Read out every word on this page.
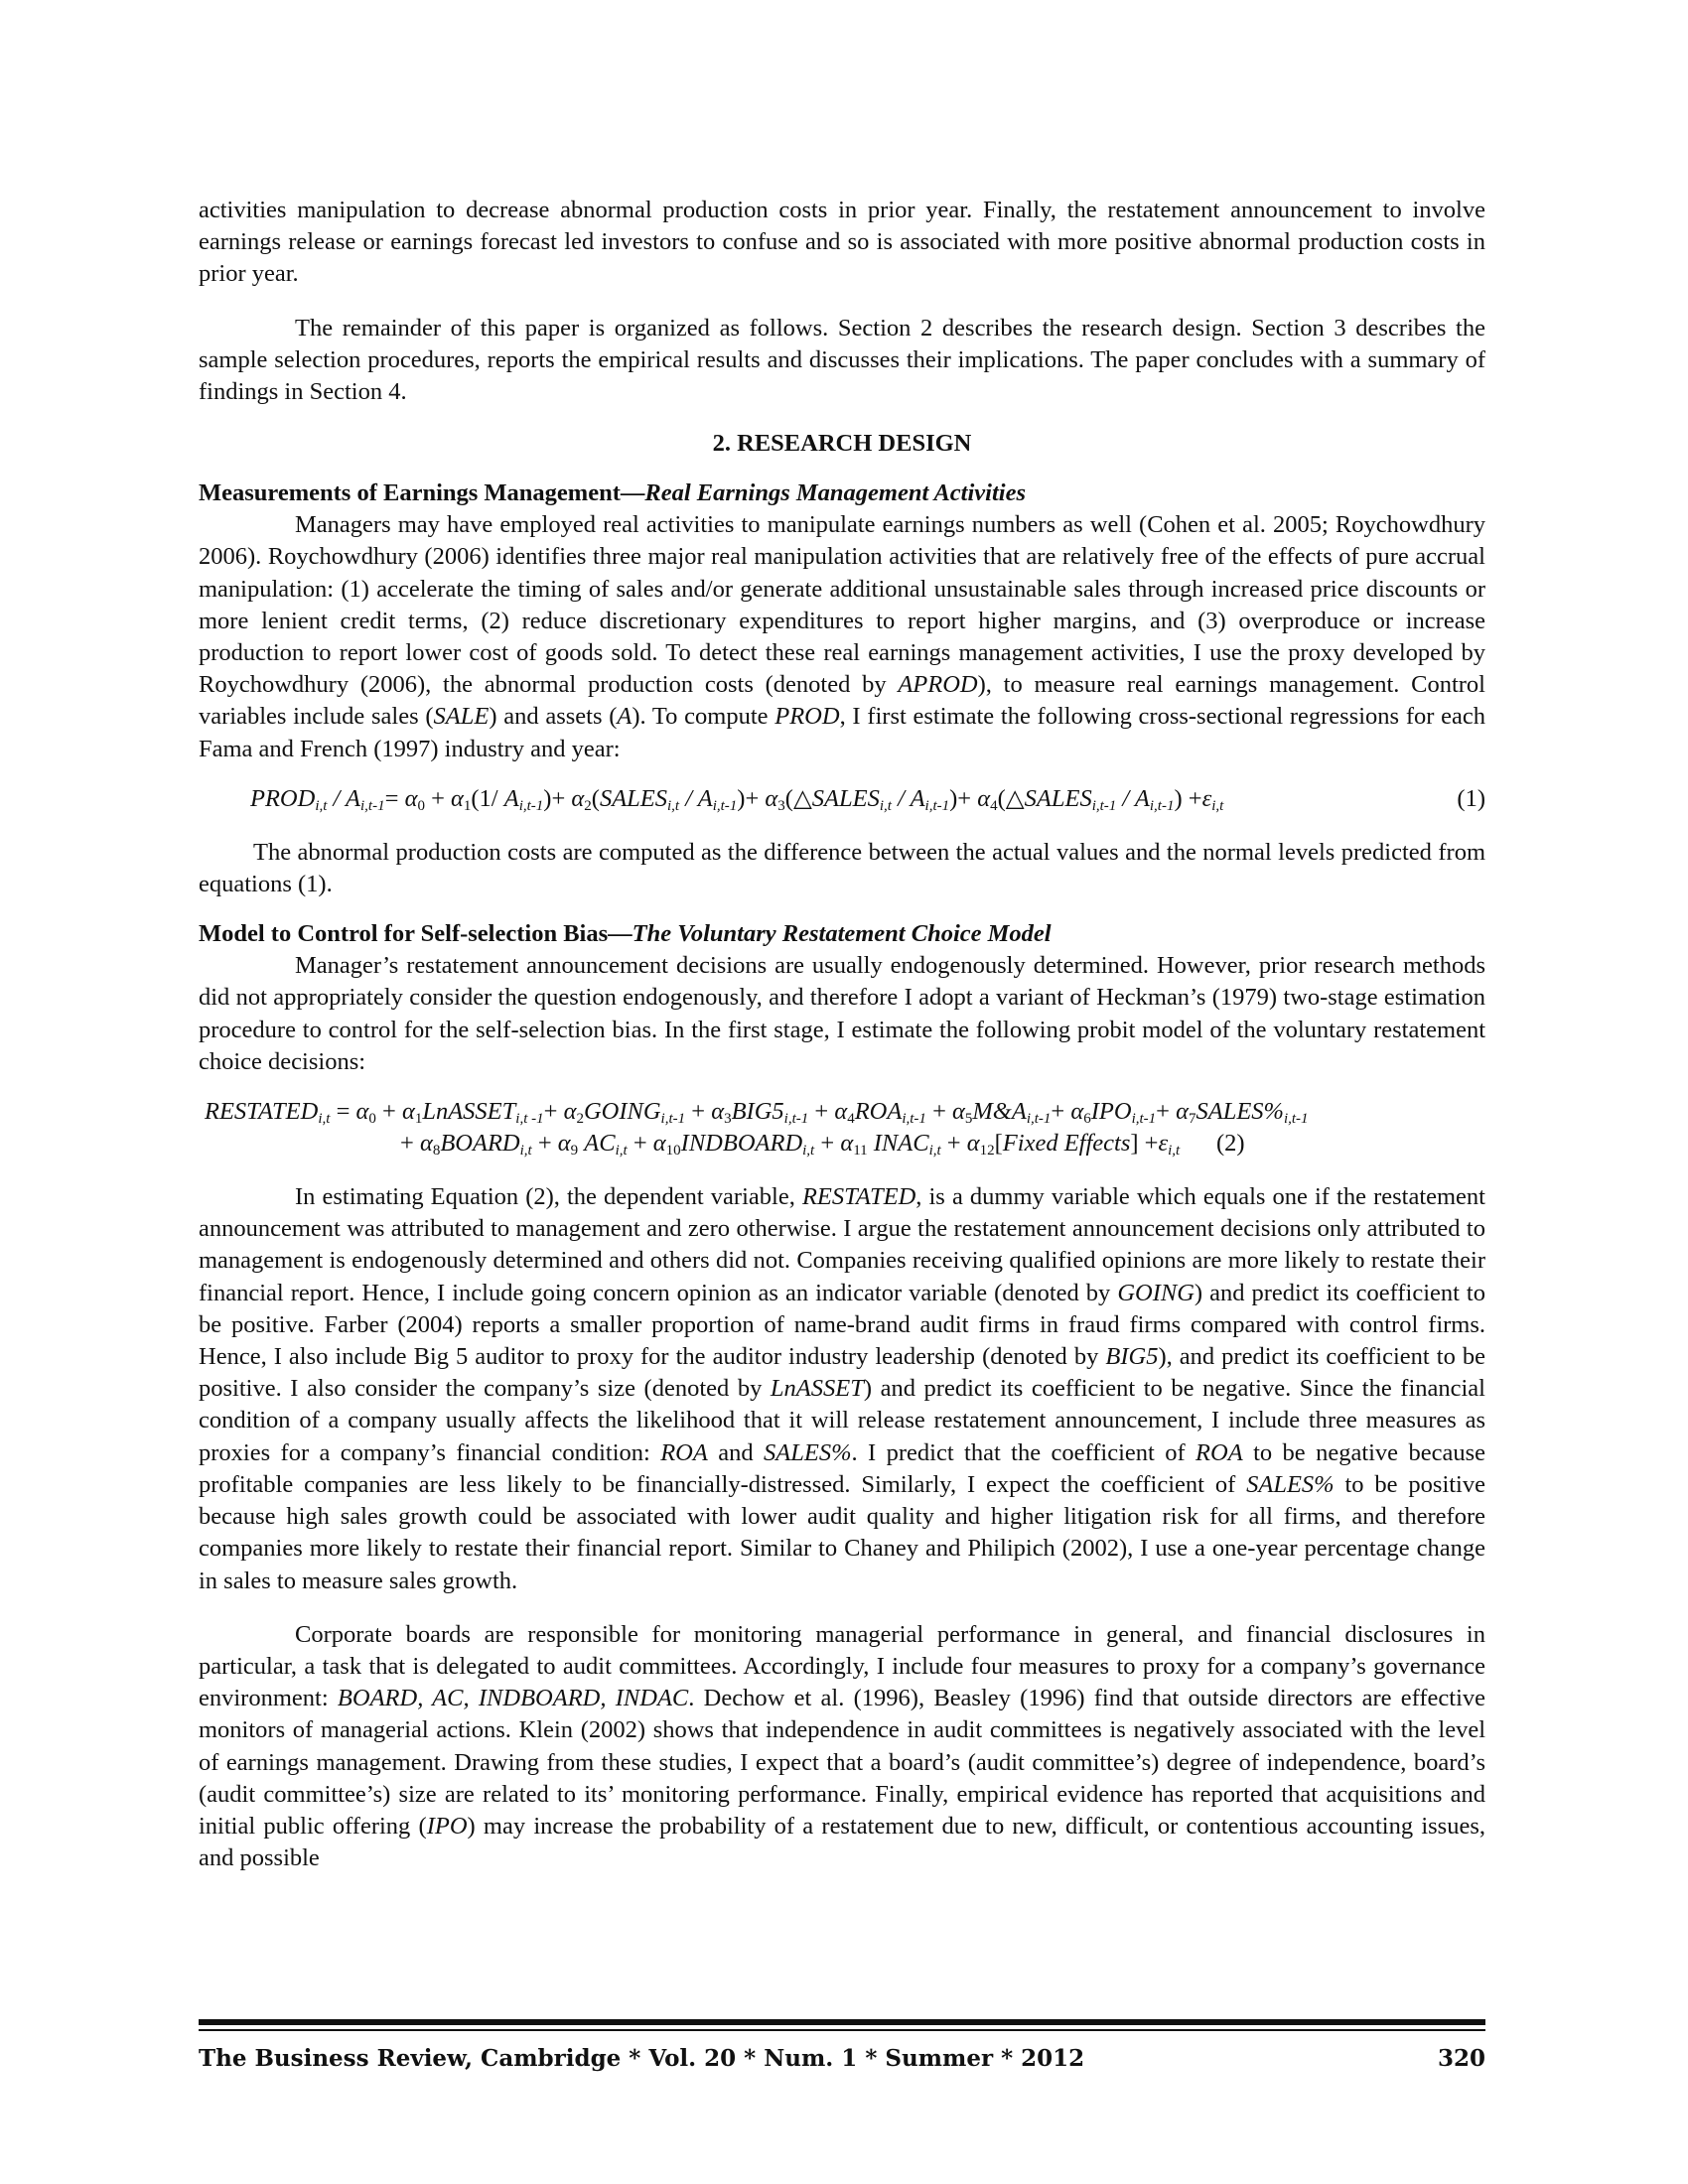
activities manipulation to decrease abnormal production costs in prior year. Finally, the restatement announcement to involve earnings release or earnings forecast led investors to confuse and so is associated with more positive abnormal production costs in prior year.

The remainder of this paper is organized as follows. Section 2 describes the research design. Section 3 describes the sample selection procedures, reports the empirical results and discusses their implications. The paper concludes with a summary of findings in Section 4.

2. RESEARCH DESIGN
Measurements of Earnings Management—Real Earnings Management Activities

Managers may have employed real activities to manipulate earnings numbers as well (Cohen et al. 2005; Roychowdhury 2006). Roychowdhury (2006) identifies three major real manipulation activities that are relatively free of the effects of pure accrual manipulation: (1) accelerate the timing of sales and/or generate additional unsustainable sales through increased price discounts or more lenient credit terms, (2) reduce discretionary expenditures to report higher margins, and (3) overproduce or increase production to report lower cost of goods sold. To detect these real earnings management activities, I use the proxy developed by Roychowdhury (2006), the abnormal production costs (denoted by APROD), to measure real earnings management. Control variables include sales (SALE) and assets (A). To compute PROD, I first estimate the following cross-sectional regressions for each Fama and French (1997) industry and year:

$PROD_{i,t} / A_{i,t-1}= \alpha_0 + \alpha_1(1/$ $A_{i,t-1})+$ $\alpha_2(SALES_{i,t} / A_{i,t-1})+$ $\alpha_3(\triangle SALES_{i,t} / A_{i,t-1})+$ $\alpha_4(\triangle SALES_{i,t-1} / A_{i,t-1}) +\varepsilon_{i,t}$	(1)

The abnormal production costs are computed as the difference between the actual values and the normal levels predicted from equations (1).

Model to Control for Self-selection Bias—The Voluntary Restatement Choice Model

Manager’s restatement announcement decisions are usually endogenously determined. However, prior research methods did not appropriately consider the question endogenously, and therefore I adopt a variant of Heckman’s (1979) two-stage estimation procedure to control for the self-selection bias. In the first stage, I estimate the following probit model of the voluntary restatement choice decisions:

$RESTATED_{i,t} = \alpha_0$ + $\alpha_1LnASSET_{i,t -1}+$ $\alpha_2GOING_{i,t-1} + \alpha_3BIG5_{i,t-1} + \alpha_4ROA_{i,t-1}$ + $\alpha_5M\&A_{i,t-1}+ \alpha_6IPO_{i,t-1}+$ $\alpha_7SALES\%_{i,t-1}$
+ $\alpha_8BOARD_{i,t} + \alpha_9$ $AC_{i,t}$ + $\alpha_{10}INDBOARD_{i,t} + \alpha_{11}$ $INAC_{i,t}$ + $\alpha_{12}[Fixed$ Effects] $+\varepsilon_{i,t}$ (2)

In estimating Equation (2), the dependent variable, RESTATED, is a dummy variable which equals one if the restatement announcement was attributed to management and zero otherwise. I argue the restatement announcement decisions only attributed to management is endogenously determined and others did not. Companies receiving qualified opinions are more likely to restate their financial report. Hence, I include going concern opinion as an indicator variable (denoted by GOING) and predict its coefficient to be positive. Farber (2004) reports a smaller proportion of name-brand audit firms in fraud firms compared with control firms. Hence, I also include Big 5 auditor to proxy for the auditor industry leadership (denoted by BIG5), and predict its coefficient to be positive. I also consider the company’s size (denoted by LnASSET) and predict its coefficient to be negative. Since the financial condition of a company usually affects the likelihood that it will release restatement announcement, I include three measures as proxies for a company’s financial condition: ROA and SALES%. I predict that the coefficient of ROA to be negative because profitable companies are less likely to be financially-distressed. Similarly, I expect the coefficient of SALES% to be positive because high sales growth could be associated with lower audit quality and higher litigation risk for all firms, and therefore companies more likely to restate their financial report. Similar to Chaney and Philipich (2002), I use a one-year percentage change in sales to measure sales growth.

Corporate boards are responsible for monitoring managerial performance in general, and financial disclosures in particular, a task that is delegated to audit committees. Accordingly, I include four measures to proxy for a company’s governance environment: BOARD, AC, INDBOARD, INDAC. Dechow et al. (1996), Beasley (1996) find that outside directors are effective monitors of managerial actions. Klein (2002) shows that independence in audit committees is negatively associated with the level of earnings management. Drawing from these studies, I expect that a board’s (audit committee’s) degree of independence, board’s (audit committee’s) size are related to its’ monitoring performance. Finally, empirical evidence has reported that acquisitions and initial public offering (IPO) may increase the probability of a restatement due to new, difficult, or contentious accounting issues, and possible

The Business Review, Cambridge * Vol. 20 * Num. 1 * Summer * 2012	320
